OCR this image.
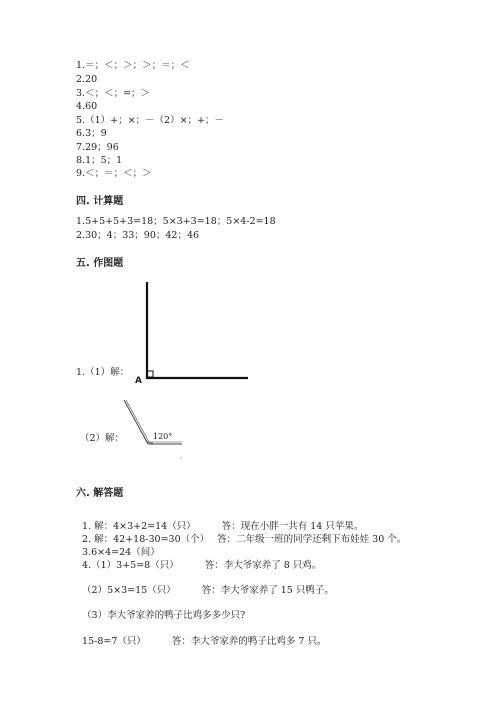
1.＝；＜；＞；＞；＝；＜
2.20
3.＜；＜；=；＞
4.60
5.（1）+；×；－（2）×；+；－
6.3；9
7.29；96
8.1；5；1
9.＜；＝；＜；＞
四. 计算题
1.5+5+5+3=18；5×3+3=18；5×4-2=18
2.30；4；33；90；42；46
五. 作图题
1.（1）解：
A
120°
（2）解：
六. 解答题

1. 解：4×3+2=14（只）	答：现在小胖一共有 14 只苹果。

2. 解：42+18-30=30（个） 答：二年级一班的同学还剩下布娃娃 30 个。

3.6×4=24（间）

4.（1）3+5=8（只）	答：李大爷家养了 8 只鸡。

（2）5×3=15（只）	答：李大爷家养了 15 只鸭子。

（3）李大爷家养的鸭子比鸡多多少只?

15-8=7（只）	答：李大爷家养的鸭子比鸡多 7 只。
